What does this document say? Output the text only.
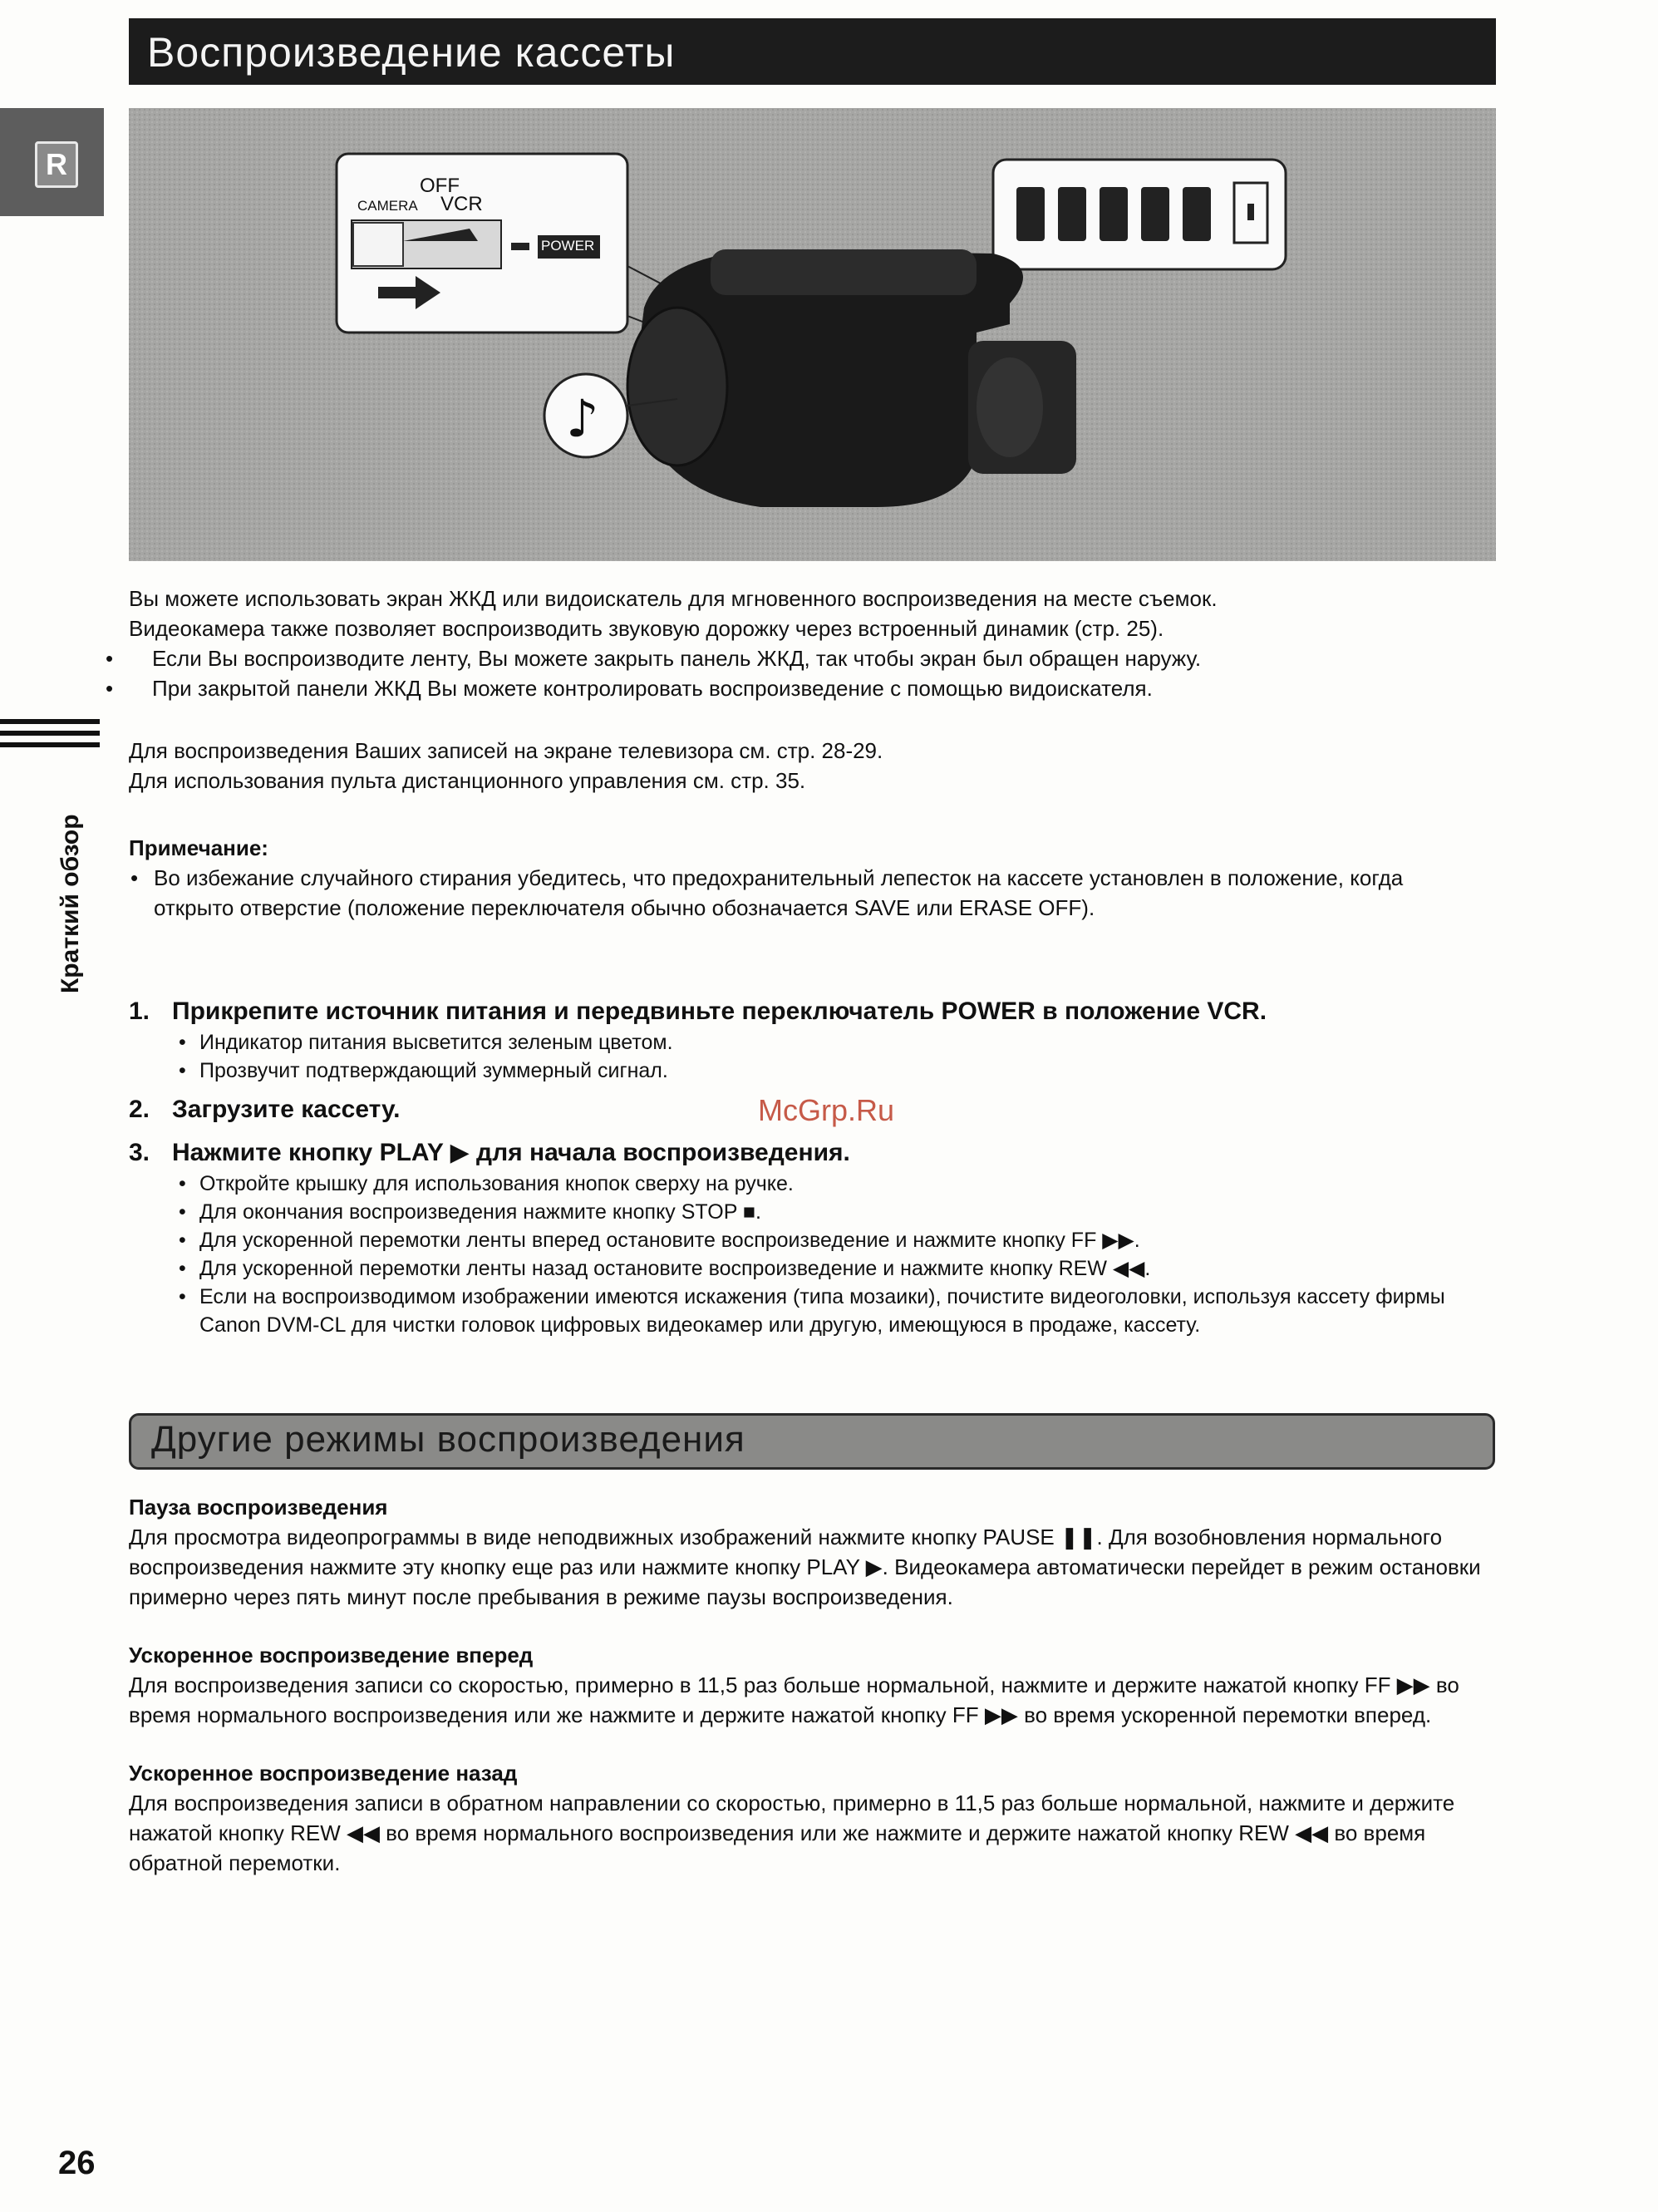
Воспроизведение кассеты
R
Краткий обзор
♪
OFF
CAMERA VCR
POWER
Вы можете использовать экран ЖКД или видоискатель для мгновенного воспроизведения на месте съемок.
Видеокамера также позволяет воспроизводить звуковую дорожку через встроенный динамик (стр. 25).
• Если Вы воспроизводите ленту, Вы можете закрыть панель ЖКД, так чтобы экран был обращен наружу.
• При закрытой панели ЖКД Вы можете контролировать воспроизведение с помощью видоискателя.
Для воспроизведения Ваших записей на экране телевизора см. стр. 28-29.
Для использования пульта дистанционного управления см. стр. 35.
Примечание:
• Во избежание случайного стирания убедитесь, что предохранительный лепесток на кассете установлен в положение, когда открыто отверстие (положение переключателя обычно обозначается SAVE или ERASE OFF).
1. Прикрепите источник питания и передвиньте переключатель POWER в положение VCR.
• Индикатор питания высветится зеленым цветом.
• Прозвучит подтверждающий зуммерный сигнал.
2. Загрузите кассету.
3. Нажмите кнопку PLAY ▶ для начала воспроизведения.
• Откройте крышку для использования кнопок сверху на ручке.
• Для окончания воспроизведения нажмите кнопку STOP ■.
• Для ускоренной перемотки ленты вперед остановите воспроизведение и нажмите кнопку FF ▶▶.
• Для ускоренной перемотки ленты назад остановите воспроизведение и нажмите кнопку REW ◀◀.
• Если на воспроизводимом изображении имеются искажения (типа мозаики), почистите видеоголовки, используя кассету фирмы Canon DVM-CL для чистки головок цифровых видеокамер или другую, имеющуюся в продаже, кассету.
McGrp.Ru
Другие режимы воспроизведения
Пауза воспроизведения
Для просмотра видеопрограммы в виде неподвижных изображений нажмите кнопку PAUSE ❚❚. Для возобновления нормального воспроизведения нажмите эту кнопку еще раз или нажмите кнопку PLAY ▶. Видеокамера автоматически перейдет в режим остановки примерно через пять минут после пребывания в режиме паузы воспроизведения.
Ускоренное воспроизведение вперед
Для воспроизведения записи со скоростью, примерно в 11,5 раз больше нормальной, нажмите и держите нажатой кнопку FF ▶▶ во время нормального воспроизведения или же нажмите и держите нажатой кнопку FF ▶▶ во время ускоренной перемотки вперед.
Ускоренное воспроизведение назад
Для воспроизведения записи в обратном направлении со скоростью, примерно в 11,5 раз больше нормальной, нажмите и держите нажатой кнопку REW ◀◀ во время нормального воспроизведения или же нажмите и держите нажатой кнопку REW ◀◀ во время обратной перемотки.
26
